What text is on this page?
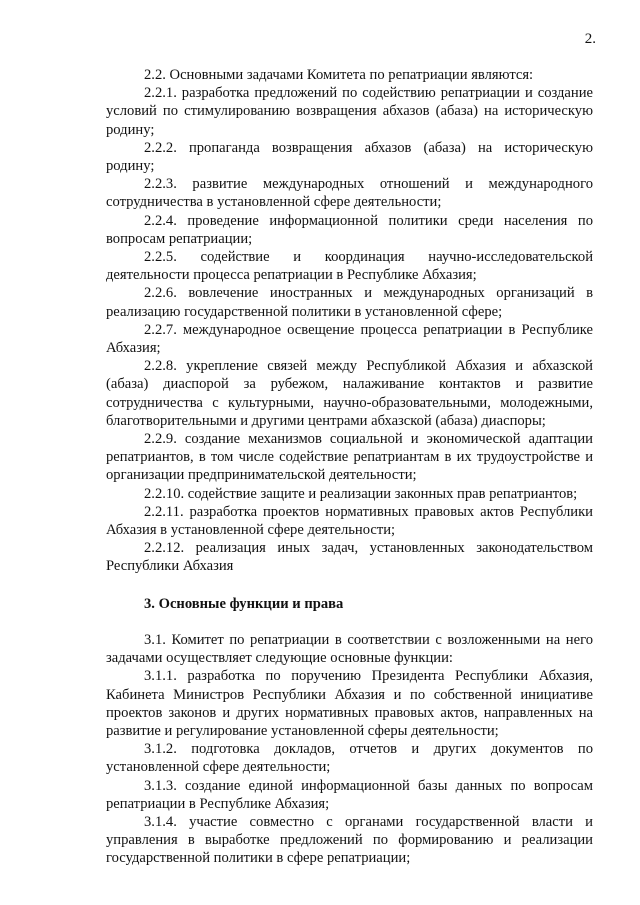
2.

2.2. Основными задачами Комитета по репатриации являются:

2.2.1. разработка предложений по содействию репатриации и создание условий по стимулированию возвращения абхазов (абаза) на историческую родину;

2.2.2. пропаганда возвращения абхазов (абаза) на историческую родину;

2.2.3. развитие международных отношений и международного сотрудничества в установленной сфере деятельности;

2.2.4. проведение информационной политики среди населения по вопросам репатриации;

2.2.5. содействие и координация научно-исследовательской деятельности процесса репатриации в Республике Абхазия;

2.2.6. вовлечение иностранных и международных организаций в реализацию государственной политики в установленной сфере;

2.2.7. международное освещение процесса репатриации в Республике Абхазия;

2.2.8. укрепление связей между Республикой Абхазия и абхазской (абаза) диаспорой за рубежом, налаживание контактов и развитие сотрудничества с культурными, научно-образовательными, молодежными, благотворительными и другими центрами абхазской (абаза) диаспоры;

2.2.9. создание механизмов социальной и экономической адаптации репатриантов, в том числе содействие репатриантам в их трудоустройстве и организации предпринимательской деятельности;

2.2.10. содействие защите и реализации законных прав репатриантов;

2.2.11. разработка проектов нормативных правовых актов Республики Абхазия в установленной сфере деятельности;

2.2.12. реализация иных задач, установленных законодательством Республики Абхазия

3. Основные функции и права

3.1. Комитет по репатриации в соответствии с возложенными на него задачами осуществляет следующие основные функции:

3.1.1. разработка по поручению Президента Республики Абхазия, Кабинета Министров Республики Абхазия и по собственной инициативе проектов законов и других нормативных правовых актов, направленных на развитие и регулирование установленной сферы деятельности;

3.1.2. подготовка докладов, отчетов и других документов по установленной сфере деятельности;

3.1.3. создание единой информационной базы данных по вопросам репатриации в Республике Абхазия;

3.1.4. участие совместно с органами государственной власти и управления в выработке предложений по формированию и реализации государственной политики в сфере репатриации;
